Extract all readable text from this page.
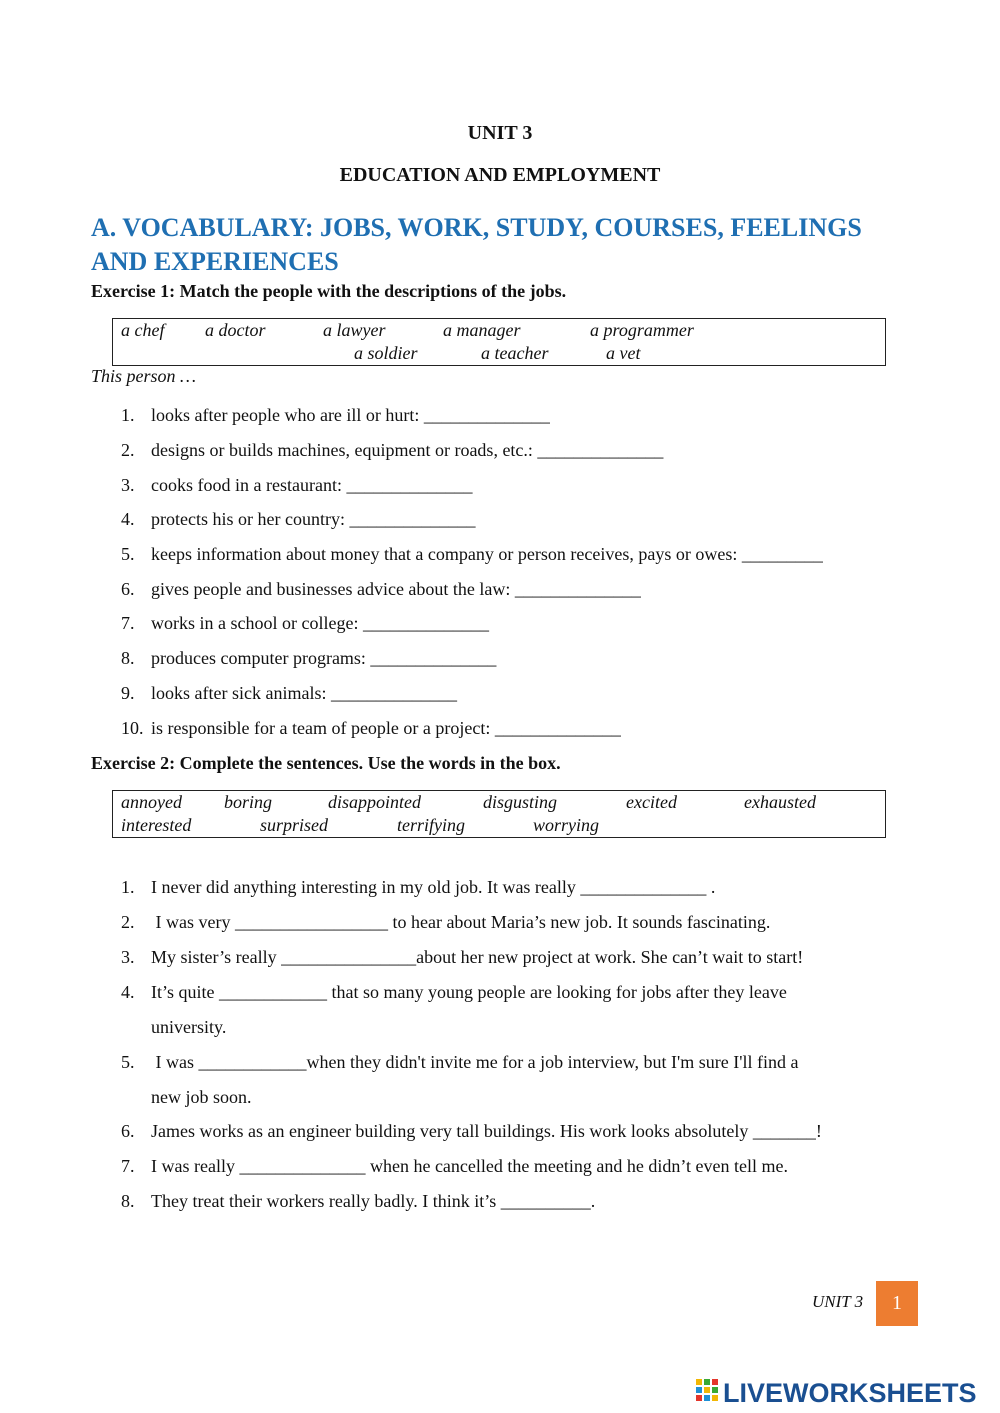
UNIT 3
EDUCATION AND EMPLOYMENT
A. VOCABULARY: JOBS, WORK, STUDY, COURSES, FEELINGS AND EXPERIENCES
Exercise 1: Match the people with the descriptions of the jobs.
a chef a doctor	a lawyer	a manager	a programmer
a soldier	a teacher	a vet
This person …
1. looks after people who are ill or hurt: ______________
2. designs or builds machines, equipment or roads, etc.: ______________
3. cooks food in a restaurant: ______________
4. protects his or her country: ______________
5. keeps information about money that a company or person receives, pays or owes: _________
6. gives people and businesses advice about the law: ______________
7. works in a school or college: ______________
8. produces computer programs: ______________
9. looks after sick animals: ______________
10. is responsible for a team of people or a project: ______________
Exercise 2: Complete the sentences. Use the words in the box.
annoyed boring	disappointed	disgusting	excited	exhausted
interested	surprised	terrifying	worrying
1. I never did anything interesting in my old job. It was really ______________ .
2. I was very _________________ to hear about Maria’s new job. It sounds fascinating.
3. My sister’s really _______________about her new project at work. She can’t wait to start!
4. It’s quite ____________ that so many young people are looking for jobs after they leave
university.
5. I was ____________when they didn't invite me for a job interview, but I'm sure I'll find a
new job soon.
6. James works as an engineer building very tall buildings. His work looks absolutely _______!
7. I was really ______________ when he cancelled the meeting and he didn’t even tell me.
8. They treat their workers really badly. I think it’s __________.
UNIT 3	1
LIVEWORKSHEETS
